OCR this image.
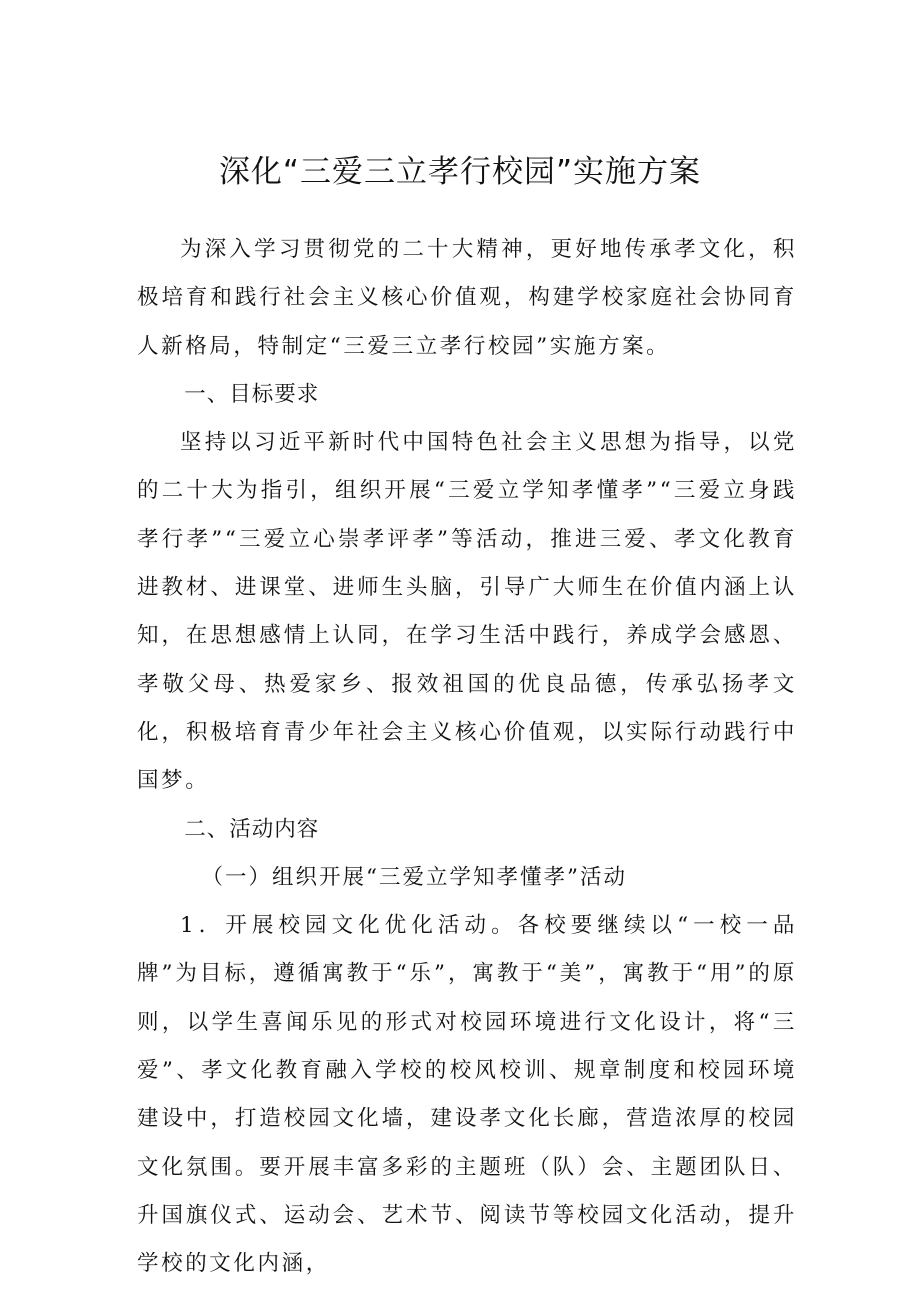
深化“三爱三立孝行校园”实施方案

为深入学习贯彻党的二十大精神，更好地传承孝文化，积极培育和践行社会主义核心价值观，构建学校家庭社会协同育人新格局，特制定“三爱三立孝行校园”实施方案。

一、目标要求

坚持以习近平新时代中国特色社会主义思想为指导，以党的二十大为指引，组织开展“三爱立学知孝懂孝”“三爱立身践孝行孝”“三爱立心崇孝评孝”等活动，推进三爱、孝文化教育进教材、进课堂、进师生头脑，引导广大师生在价值内涵上认知，在思想感情上认同，在学习生活中践行，养成学会感恩、孝敬父母、热爱家乡、报效祖国的优良品德，传承弘扬孝文化，积极培育青少年社会主义核心价值观，以实际行动践行中国梦。

二、活动内容

（一）组织开展“三爱立学知孝懂孝”活动

1．开展校园文化优化活动。各校要继续以“一校一品牌”为目标，遵循寓教于“乐”，寓教于“美”，寓教于“用”的原则，以学生喜闻乐见的形式对校园环境进行文化设计，将“三爱”、孝文化教育融入学校的校风校训、规章制度和校园环境建设中，打造校园文化墙，建设孝文化长廊，营造浓厚的校园文化氛围。要开展丰富多彩的主题班（队）会、主题团队日、升国旗仪式、运动会、艺术节、阅读节等校园文化活动，提升学校的文化内涵，
